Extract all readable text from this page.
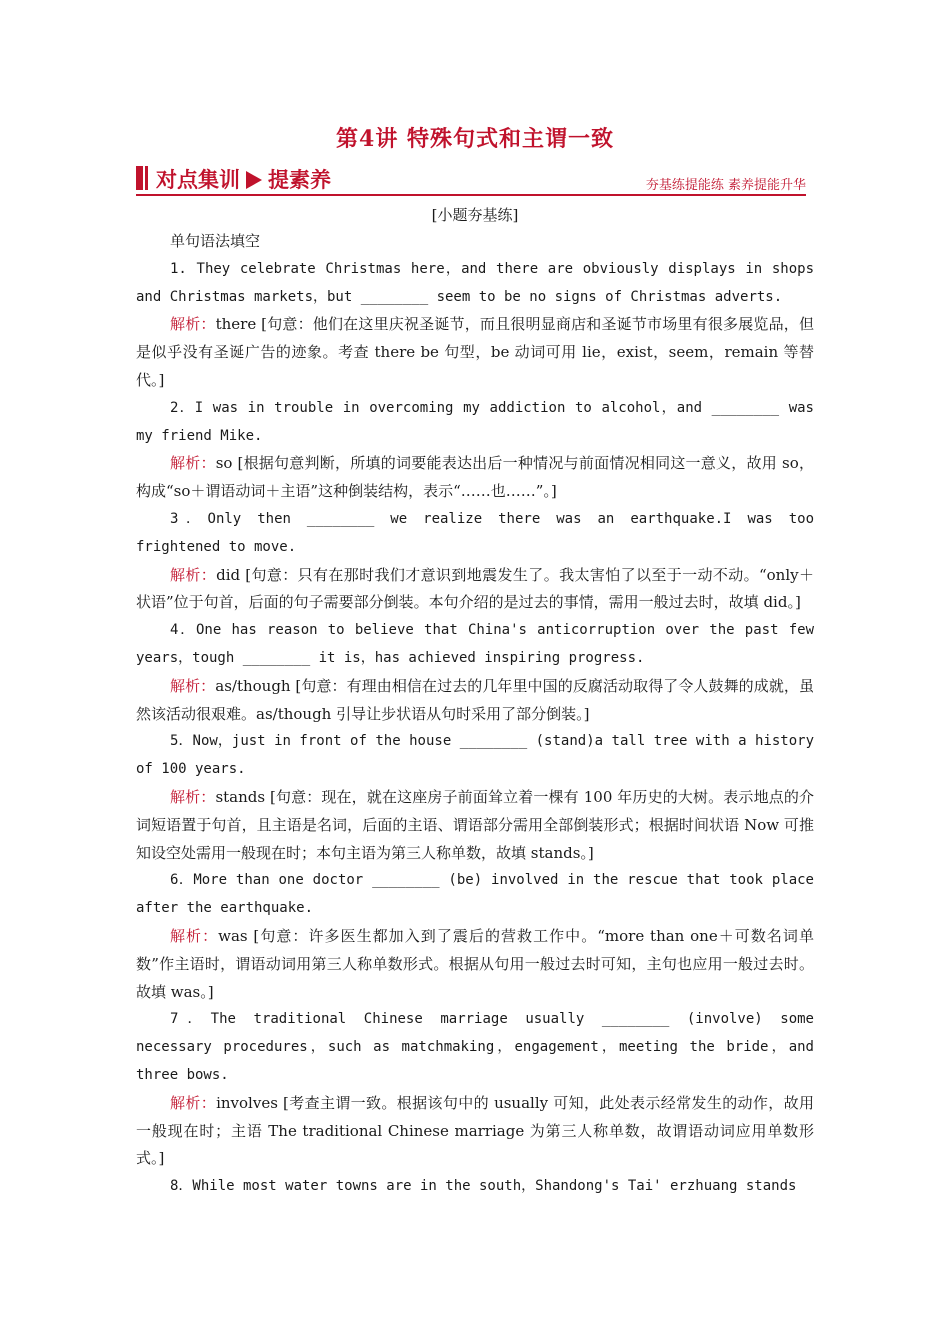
第4讲 特殊句式和主谓一致
对点集训 提素养	夯基练提能练 素养提能升华
[小题夯基练]

单句语法填空

1. They celebrate Christmas here，and there are obviously displays in shops and Christmas markets，but ________ seem to be no signs of Christmas adverts.

解析：there [句意：他们在这里庆祝圣诞节，而且很明显商店和圣诞节市场里有很多展览品，但是似乎没有圣诞广告的迹象。考查 there be 句型，be 动词可用 lie，exist，seem，remain 等替代。]

2．I was in trouble in overcoming my addiction to alcohol，and ________ was my friend Mike.

解析：so [根据句意判断，所填的词要能表达出后一种情况与前面情况相同这一意义，故用 so，构成“so＋谓语动词＋主语”这种倒装结构，表示“……也……”。]

3．Only then ________ we realize there was an earthquake.I was too frightened to move.

解析：did [句意：只有在那时我们才意识到地震发生了。我太害怕了以至于一动不动。“only＋状语”位于句首，后面的句子需要部分倒装。本句介绍的是过去的事情，需用一般过去时，故填 did。]

4．One has reason to believe that China's anticorruption over the past few years，tough ________ it is，has achieved inspiring progress.

解析：as/though [句意：有理由相信在过去的几年里中国的反腐活动取得了令人鼓舞的成就，虽然该活动很艰难。as/though 引导让步状语从句时采用了部分倒装。]

5．Now，just in front of the house ________ (stand)a tall tree with a history of 100 years.

解析：stands [句意：现在，就在这座房子前面耸立着一棵有 100 年历史的大树。表示地点的介词短语置于句首，且主语是名词，后面的主语、谓语部分需用全部倒装形式；根据时间状语 Now 可推知设空处需用一般现在时；本句主语为第三人称单数，故填 stands。]

6．More than one doctor ________ (be) involved in the rescue that took place after the earthquake.

解析：was [句意：许多医生都加入到了震后的营救工作中。“more than one＋可数名词单数”作主语时，谓语动词用第三人称单数形式。根据从句用一般过去时可知，主句也应用一般过去时。故填 was。]

7．The traditional Chinese marriage usually ________ (involve) some necessary procedures，such as matchmaking，engagement，meeting the bride，and three bows.

解析：involves [考查主谓一致。根据该句中的 usually 可知，此处表示经常发生的动作，故用一般现在时；主语 The traditional Chinese marriage 为第三人称单数，故谓语动词应用单数形式。]

8．While most water towns are in the south，Shandong's Tai' erzhuang stands
